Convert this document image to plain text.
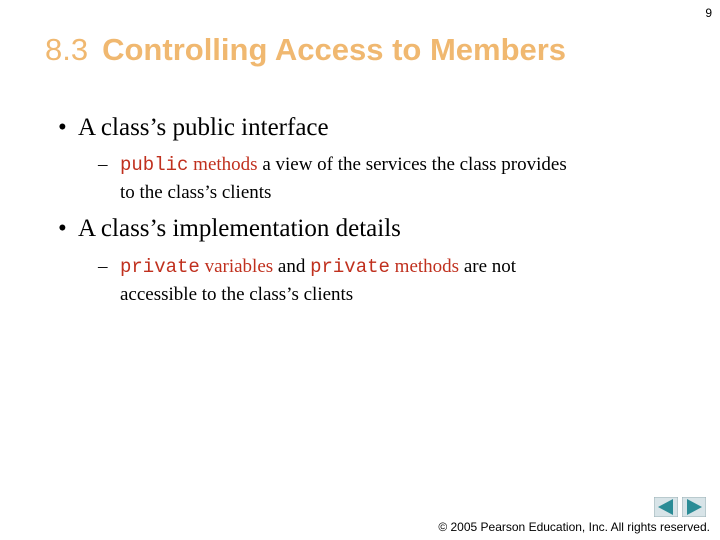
9
8.3 Controlling Access to Members
• A class’s public interface
– public methods a view of the services the class provides
to the class’s clients
• A class’s implementation details
– private variables and private methods are not
accessible to the class’s clients
© 2005 Pearson Education, Inc. All rights reserved.
